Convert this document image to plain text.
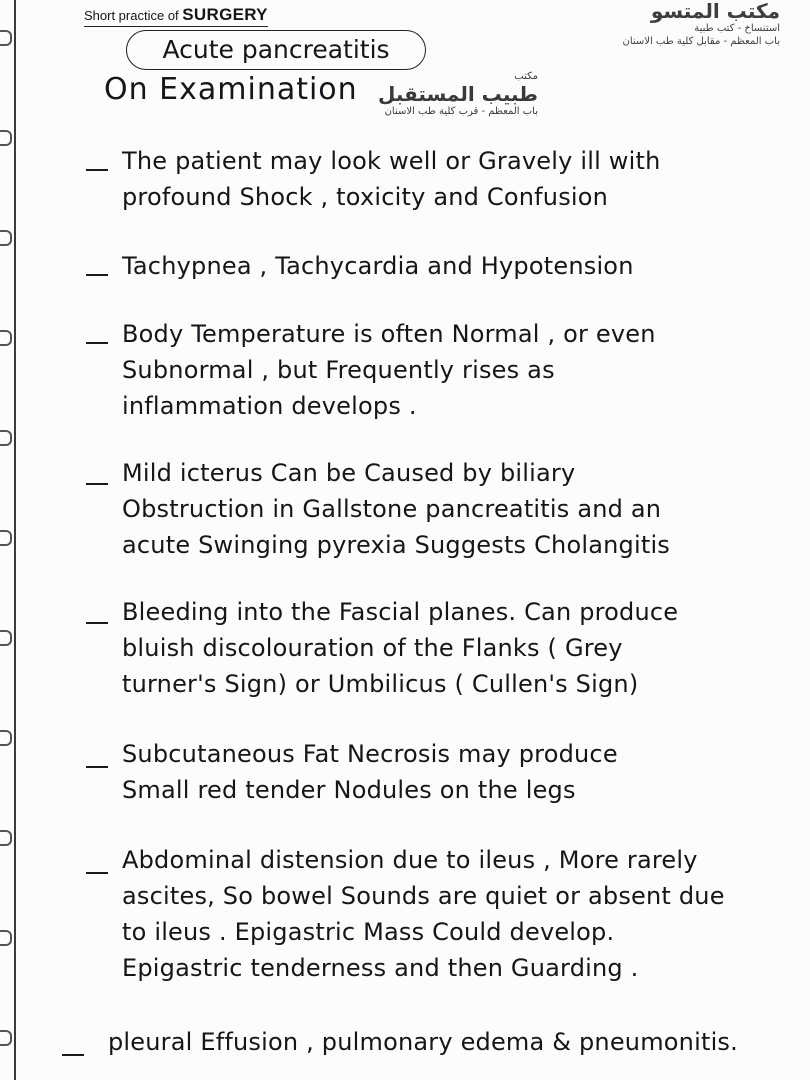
Short practice of SURGERY	مكتب المتسو
استنساخ - كتب طبية
باب المعظم - مقابل كلية طب الاسنان
Acute pancreatitis
On Examination	مكتب
طبيب المستقبل
باب المعظم - قرب كلية طب الاسنان
The patient may look well or Gravely ill with
profound Shock , toxicity and Confusion
Tachypnea , Tachycardia and Hypotension
Body Temperature is often Normal , or even
Subnormal , but Frequently rises as
inflammation develops .
Mild icterus Can be Caused by biliary
Obstruction in Gallstone pancreatitis and an
acute Swinging pyrexia Suggests Cholangitis
Bleeding into the Fascial planes. Can produce
bluish discolouration of the Flanks ( Grey
turner's Sign) or Umbilicus ( Cullen's Sign)
Subcutaneous Fat Necrosis may produce
Small red tender Nodules on the legs
Abdominal distension due to ileus , More rarely
ascites, So bowel Sounds are quiet or absent due
to ileus . Epigastric Mass Could develop.
Epigastric tenderness and then Guarding .
pleural Effusion , pulmonary edema & pneumonitis.
